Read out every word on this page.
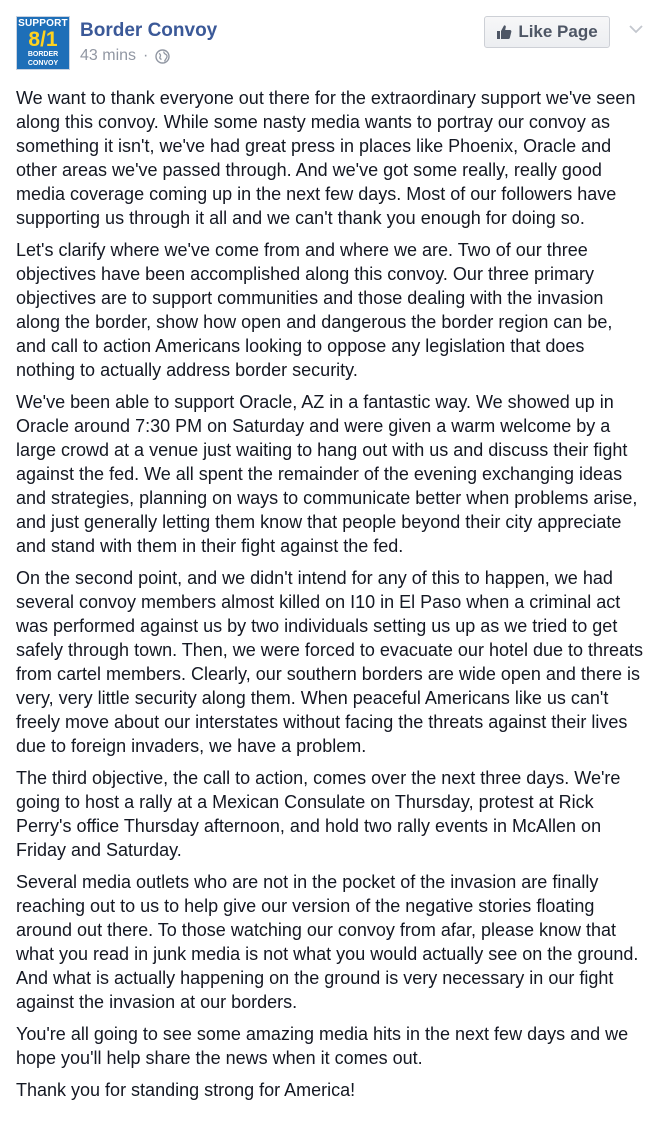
SUPPORT
8/1
BORDER
CONVOY
Border Convoy
43 mins ·
Like Page

We want to thank everyone out there for the extraordinary support we've seen along this convoy. While some nasty media wants to portray our convoy as something it isn't, we've had great press in places like Phoenix, Oracle and other areas we've passed through. And we've got some really, really good media coverage coming up in the next few days. Most of our followers have supporting us through it all and we can't thank you enough for doing so.

Let's clarify where we've come from and where we are. Two of our three objectives have been accomplished along this convoy. Our three primary objectives are to support communities and those dealing with the invasion along the border, show how open and dangerous the border region can be, and call to action Americans looking to oppose any legislation that does nothing to actually address border security.

We've been able to support Oracle, AZ in a fantastic way. We showed up in Oracle around 7:30 PM on Saturday and were given a warm welcome by a large crowd at a venue just waiting to hang out with us and discuss their fight against the fed. We all spent the remainder of the evening exchanging ideas and strategies, planning on ways to communicate better when problems arise, and just generally letting them know that people beyond their city appreciate and stand with them in their fight against the fed.

On the second point, and we didn't intend for any of this to happen, we had several convoy members almost killed on I10 in El Paso when a criminal act was performed against us by two individuals setting us up as we tried to get safely through town. Then, we were forced to evacuate our hotel due to threats from cartel members. Clearly, our southern borders are wide open and there is very, very little security along them. When peaceful Americans like us can't freely move about our interstates without facing the threats against their lives due to foreign invaders, we have a problem.

The third objective, the call to action, comes over the next three days. We're going to host a rally at a Mexican Consulate on Thursday, protest at Rick Perry's office Thursday afternoon, and hold two rally events in McAllen on Friday and Saturday.

Several media outlets who are not in the pocket of the invasion are finally reaching out to us to help give our version of the negative stories floating around out there. To those watching our convoy from afar, please know that what you read in junk media is not what you would actually see on the ground. And what is actually happening on the ground is very necessary in our fight against the invasion at our borders.

You're all going to see some amazing media hits in the next few days and we hope you'll help share the news when it comes out.

Thank you for standing strong for America!
